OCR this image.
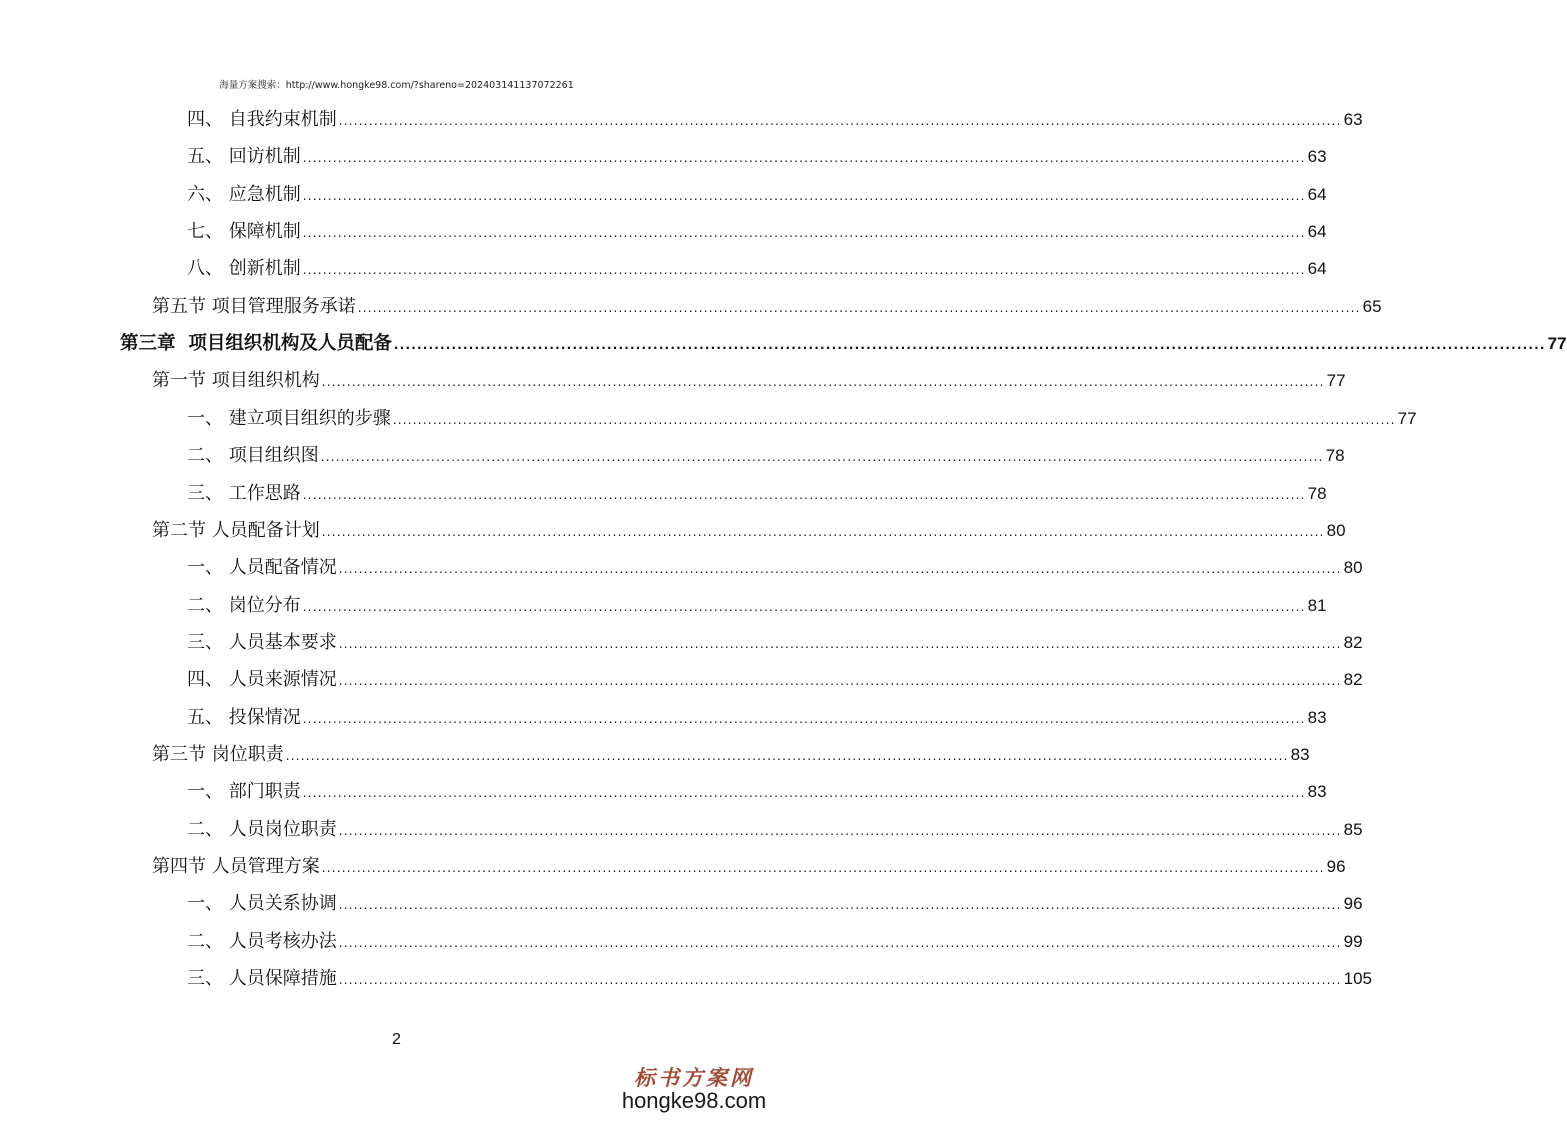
海量方案搜索：http://www.hongke98.com/?shareno=202403141137072261
四、
自我约束机制 ........................................................................................................................................................................................................ 63
五、
回访机制 ........................................................................................................................................................................................................ 63
六、
应急机制 ........................................................................................................................................................................................................ 64
七、
保障机制 ........................................................................................................................................................................................................ 64
八、
创新机制 ........................................................................................................................................................................................................ 64
第五节
项目管理服务承诺 ........................................................................................................................................................................................................ 65
第三章
项目组织机构及人员配备 ........................................................................................................................................................................................................ 77
第一节
项目组织机构 ........................................................................................................................................................................................................ 77
一、
建立项目组织的步骤 ........................................................................................................................................................................................................ 77
二、
项目组织图 ........................................................................................................................................................................................................ 78
三、
工作思路 ........................................................................................................................................................................................................ 78
第二节
人员配备计划 ........................................................................................................................................................................................................ 80
一、
人员配备情况 ........................................................................................................................................................................................................ 80
二、
岗位分布 ........................................................................................................................................................................................................ 81
三、
人员基本要求 ........................................................................................................................................................................................................ 82
四、
人员来源情况 ........................................................................................................................................................................................................ 82
五、
投保情况 ........................................................................................................................................................................................................ 83
第三节
岗位职责 ........................................................................................................................................................................................................ 83
一、
部门职责 ........................................................................................................................................................................................................ 83
二、
人员岗位职责 ........................................................................................................................................................................................................ 85
第四节
人员管理方案 ........................................................................................................................................................................................................ 96
一、
人员关系协调 ........................................................................................................................................................................................................ 96
二、
人员考核办法 ........................................................................................................................................................................................................ 99
三、
人员保障措施 ........................................................................................................................................................................................................ 105
2
标书方案网
hongke98.com
